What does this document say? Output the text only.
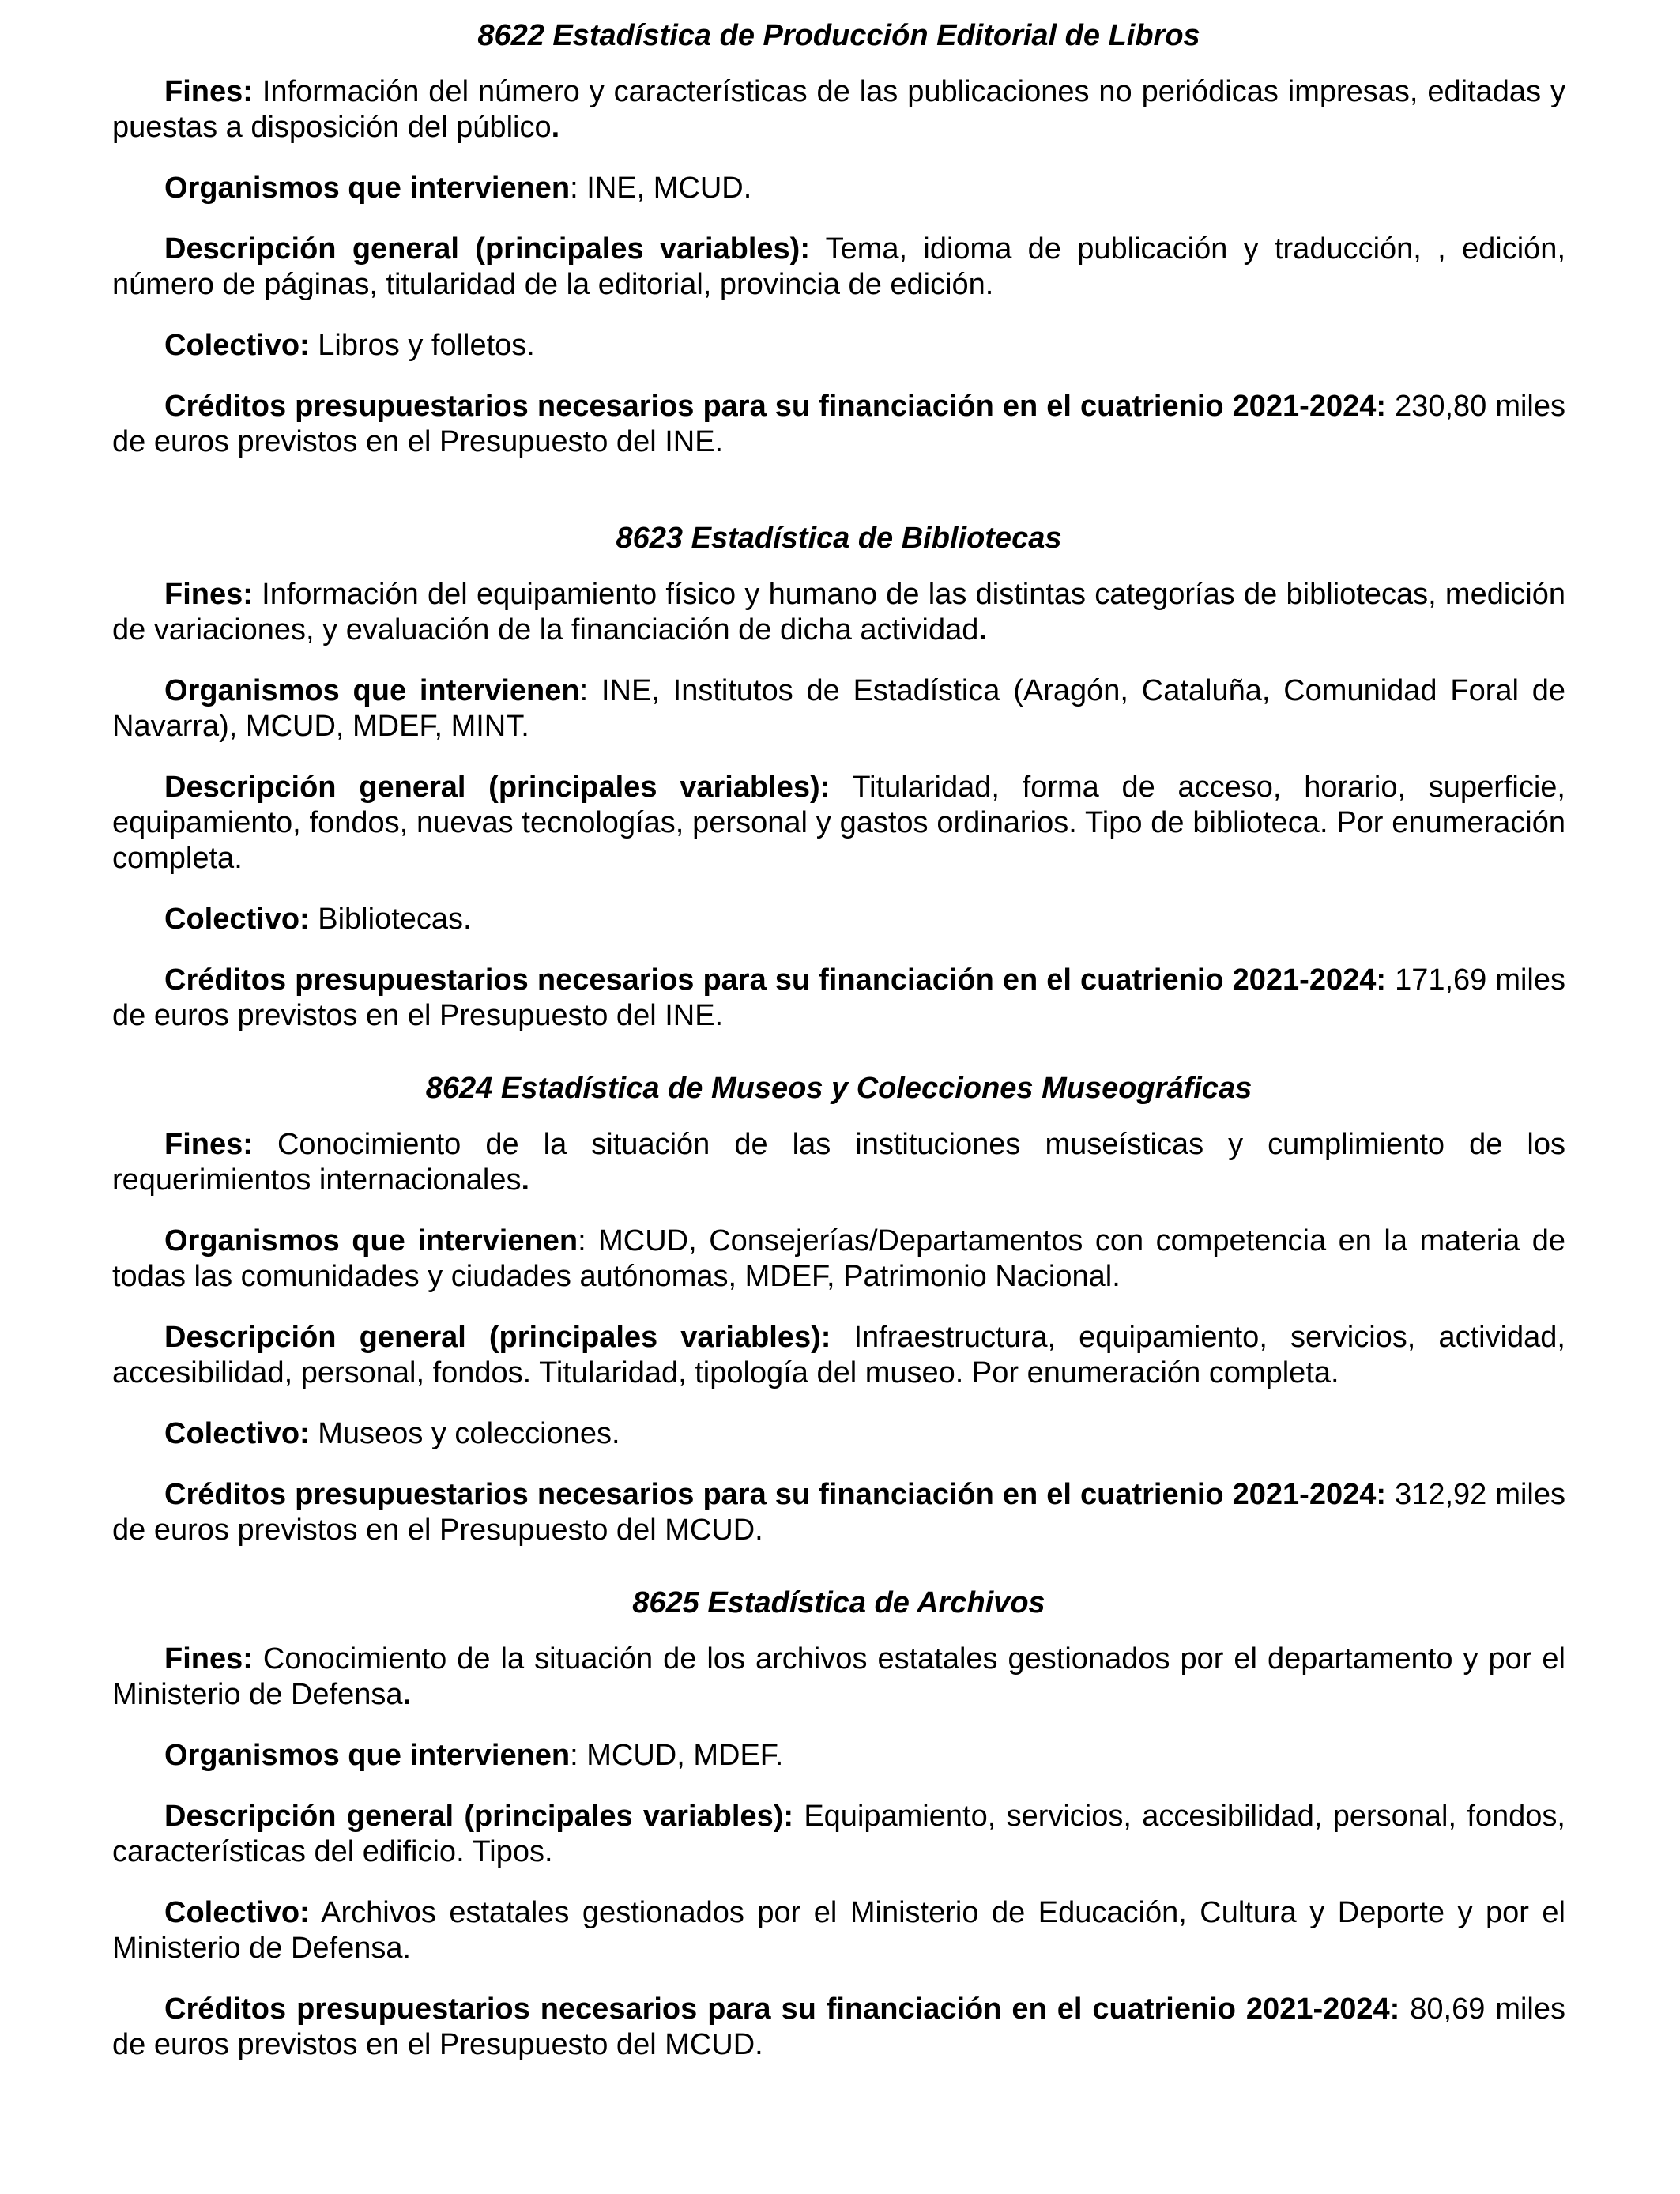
8622 Estadística de Producción Editorial de Libros

Fines: Información del número y características de las publicaciones no periódicas impresas, editadas y puestas a disposición del público.

Organismos que intervienen: INE, MCUD.

Descripción general (principales variables): Tema, idioma de publicación y traducción, , edición, número de páginas, titularidad de la editorial, provincia de edición.

Colectivo: Libros y folletos.

Créditos presupuestarios necesarios para su financiación en el cuatrienio 2021-2024: 230,80 miles de euros previstos en el Presupuesto del INE.

8623 Estadística de Bibliotecas

Fines: Información del equipamiento físico y humano de las distintas categorías de bibliotecas, medición de variaciones, y evaluación de la financiación de dicha actividad.

Organismos que intervienen: INE, Institutos de Estadística (Aragón, Cataluña, Comunidad Foral de Navarra), MCUD, MDEF, MINT.

Descripción general (principales variables): Titularidad, forma de acceso, horario, superficie, equipamiento, fondos, nuevas tecnologías, personal y gastos ordinarios. Tipo de biblioteca. Por enumeración completa.

Colectivo: Bibliotecas.

Créditos presupuestarios necesarios para su financiación en el cuatrienio 2021-2024: 171,69 miles de euros previstos en el Presupuesto del INE.

8624 Estadística de Museos y Colecciones Museográficas

Fines: Conocimiento de la situación de las instituciones museísticas y cumplimiento de los requerimientos internacionales.

Organismos que intervienen: MCUD, Consejerías/Departamentos con competencia en la materia de todas las comunidades y ciudades autónomas, MDEF, Patrimonio Nacional.

Descripción general (principales variables): Infraestructura, equipamiento, servicios, actividad, accesibilidad, personal, fondos. Titularidad, tipología del museo. Por enumeración completa.

Colectivo: Museos y colecciones.

Créditos presupuestarios necesarios para su financiación en el cuatrienio 2021-2024: 312,92 miles de euros previstos en el Presupuesto del MCUD.

8625 Estadística de Archivos

Fines: Conocimiento de la situación de los archivos estatales gestionados por el departamento y por el Ministerio de Defensa.

Organismos que intervienen: MCUD, MDEF.

Descripción general (principales variables): Equipamiento, servicios, accesibilidad, personal, fondos, características del edificio. Tipos.

Colectivo: Archivos estatales gestionados por el Ministerio de Educación, Cultura y Deporte y por el Ministerio de Defensa.

Créditos presupuestarios necesarios para su financiación en el cuatrienio 2021-2024: 80,69 miles de euros previstos en el Presupuesto del MCUD.
